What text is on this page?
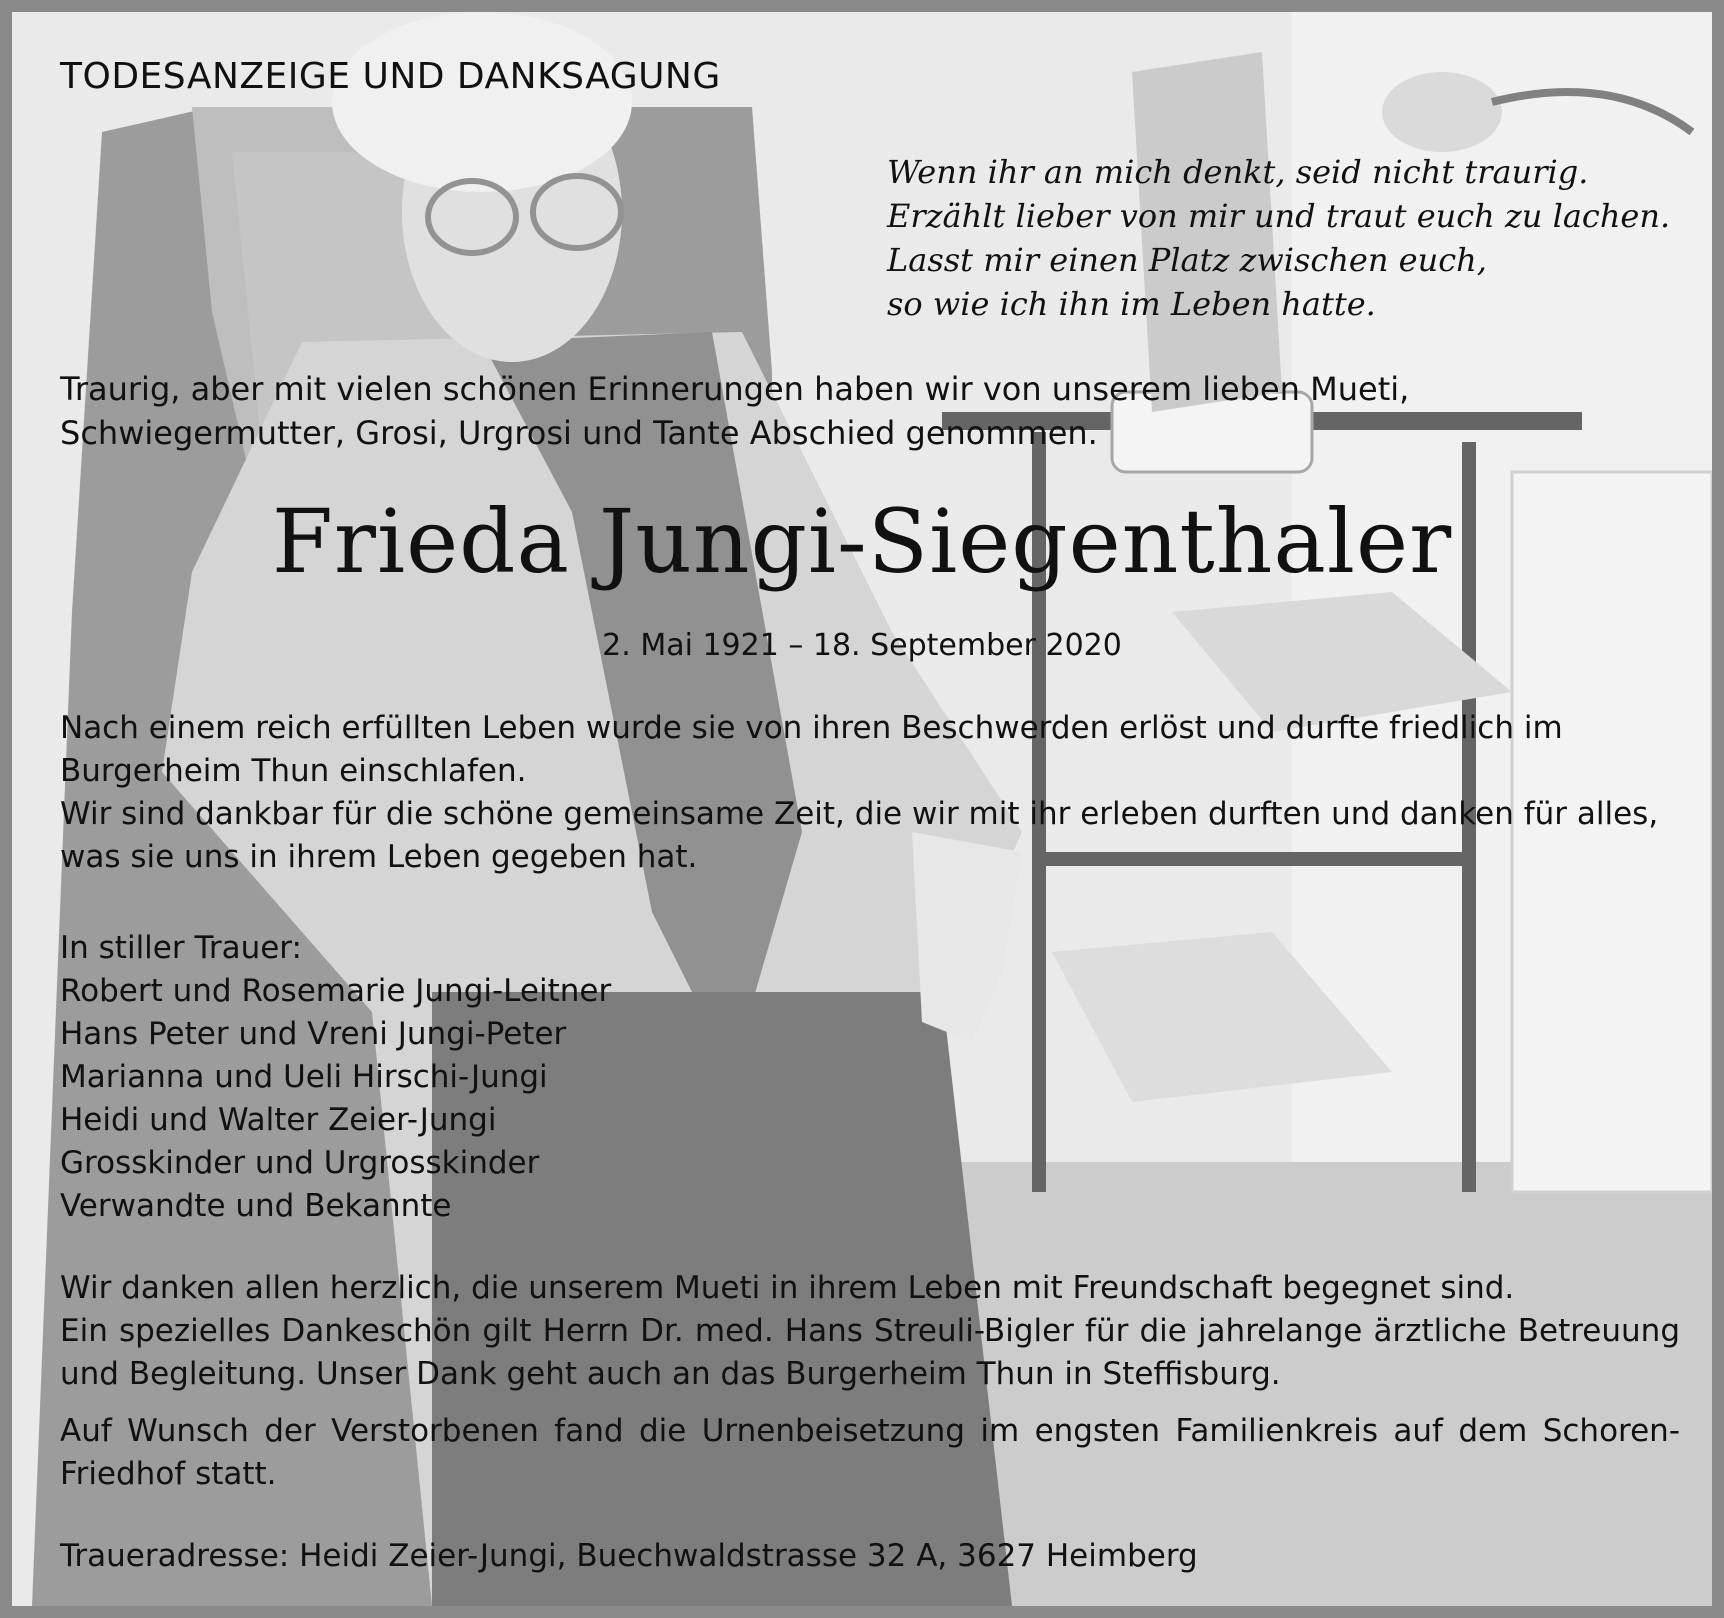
TODESANZEIGE UND DANKSAGUNG
Wenn ihr an mich denkt, seid nicht traurig.
Erzählt lieber von mir und traut euch zu lachen.
Lasst mir einen Platz zwischen euch,
so wie ich ihn im Leben hatte.

Traurig, aber mit vielen schönen Erinnerungen haben wir von unserem lieben Mueti, Schwiegermutter, Grosi, Urgrosi und Tante Abschied genommen.

Frieda Jungi-Siegenthaler
2. Mai 1921 – 18. September 2020

Nach einem reich erfüllten Leben wurde sie von ihren Beschwerden erlöst und durfte friedlich im Burgerheim Thun einschlafen.

Wir sind dankbar für die schöne gemeinsame Zeit, die wir mit ihr erleben durften und danken für alles, was sie uns in ihrem Leben gegeben hat.

In stiller Trauer:
Robert und Rosemarie Jungi-Leitner
Hans Peter und Vreni Jungi-Peter
Marianna und Ueli Hirschi-Jungi
Heidi und Walter Zeier-Jungi
Grosskinder und Urgrosskinder
Verwandte und Bekannte

Wir danken allen herzlich, die unserem Mueti in ihrem Leben mit Freundschaft begegnet sind.

Ein spezielles Dankeschön gilt Herrn Dr. med. Hans Streuli-Bigler für die jahrelange ärztliche Betreuung und Begleitung. Unser Dank geht auch an das Burgerheim Thun in Steffisburg.

Auf Wunsch der Verstorbenen fand die Urnenbeisetzung im engsten Familienkreis auf dem Schoren-Friedhof statt.

Traueradresse: Heidi Zeier-Jungi, Buechwaldstrasse 32 A, 3627 Heimberg
